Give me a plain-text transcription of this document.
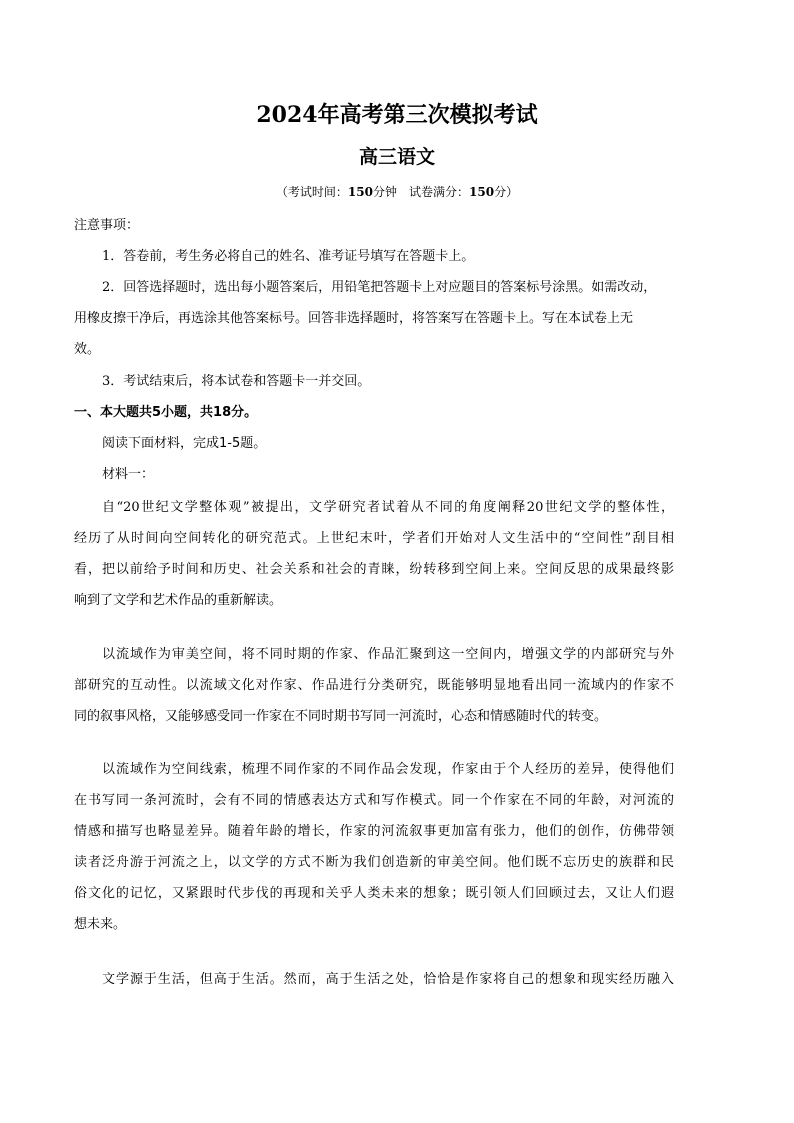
2024年高考第三次模拟考试
高三语文
（考试时间：150分钟　试卷满分：150分）
注意事项：
1．答卷前，考生务必将自己的姓名、准考证号填写在答题卡上。
2．回答选择题时，选出每小题答案后，用铅笔把答题卡上对应题目的答案标号涂黑。如需改动，
用橡皮擦干净后，再选涂其他答案标号。回答非选择题时，将答案写在答题卡上。写在本试卷上无
效。
3．考试结束后，将本试卷和答题卡一并交回。
一、本大题共5小题，共18分。
阅读下面材料，完成1-5题。
材料一：
自“20世纪文学整体观”被提出，文学研究者试着从不同的角度阐释20世纪文学的整体性，
经历了从时间向空间转化的研究范式。上世纪末叶，学者们开始对人文生活中的“空间性”刮目相
看，把以前给予时间和历史、社会关系和社会的青睐，纷转移到空间上来。空间反思的成果最终影
响到了文学和艺术作品的重新解读。
以流域作为审美空间，将不同时期的作家、作品汇聚到这一空间内，增强文学的内部研究与外
部研究的互动性。以流域文化对作家、作品进行分类研究，既能够明显地看出同一流域内的作家不
同的叙事风格，又能够感受同一作家在不同时期书写同一河流时，心态和情感随时代的转变。
以流域作为空间线索，梳理不同作家的不同作品会发现，作家由于个人经历的差异，使得他们
在书写同一条河流时，会有不同的情感表达方式和写作模式。同一个作家在不同的年龄，对河流的
情感和描写也略显差异。随着年龄的增长，作家的河流叙事更加富有张力，他们的创作，仿佛带领
读者泛舟游于河流之上，以文学的方式不断为我们创造新的审美空间。他们既不忘历史的族群和民
俗文化的记忆，又紧跟时代步伐的再现和关乎人类未来的想象；既引领人们回顾过去，又让人们遐
想未来。
文学源于生活，但高于生活。然而，高于生活之处，恰恰是作家将自己的想象和现实经历融入
